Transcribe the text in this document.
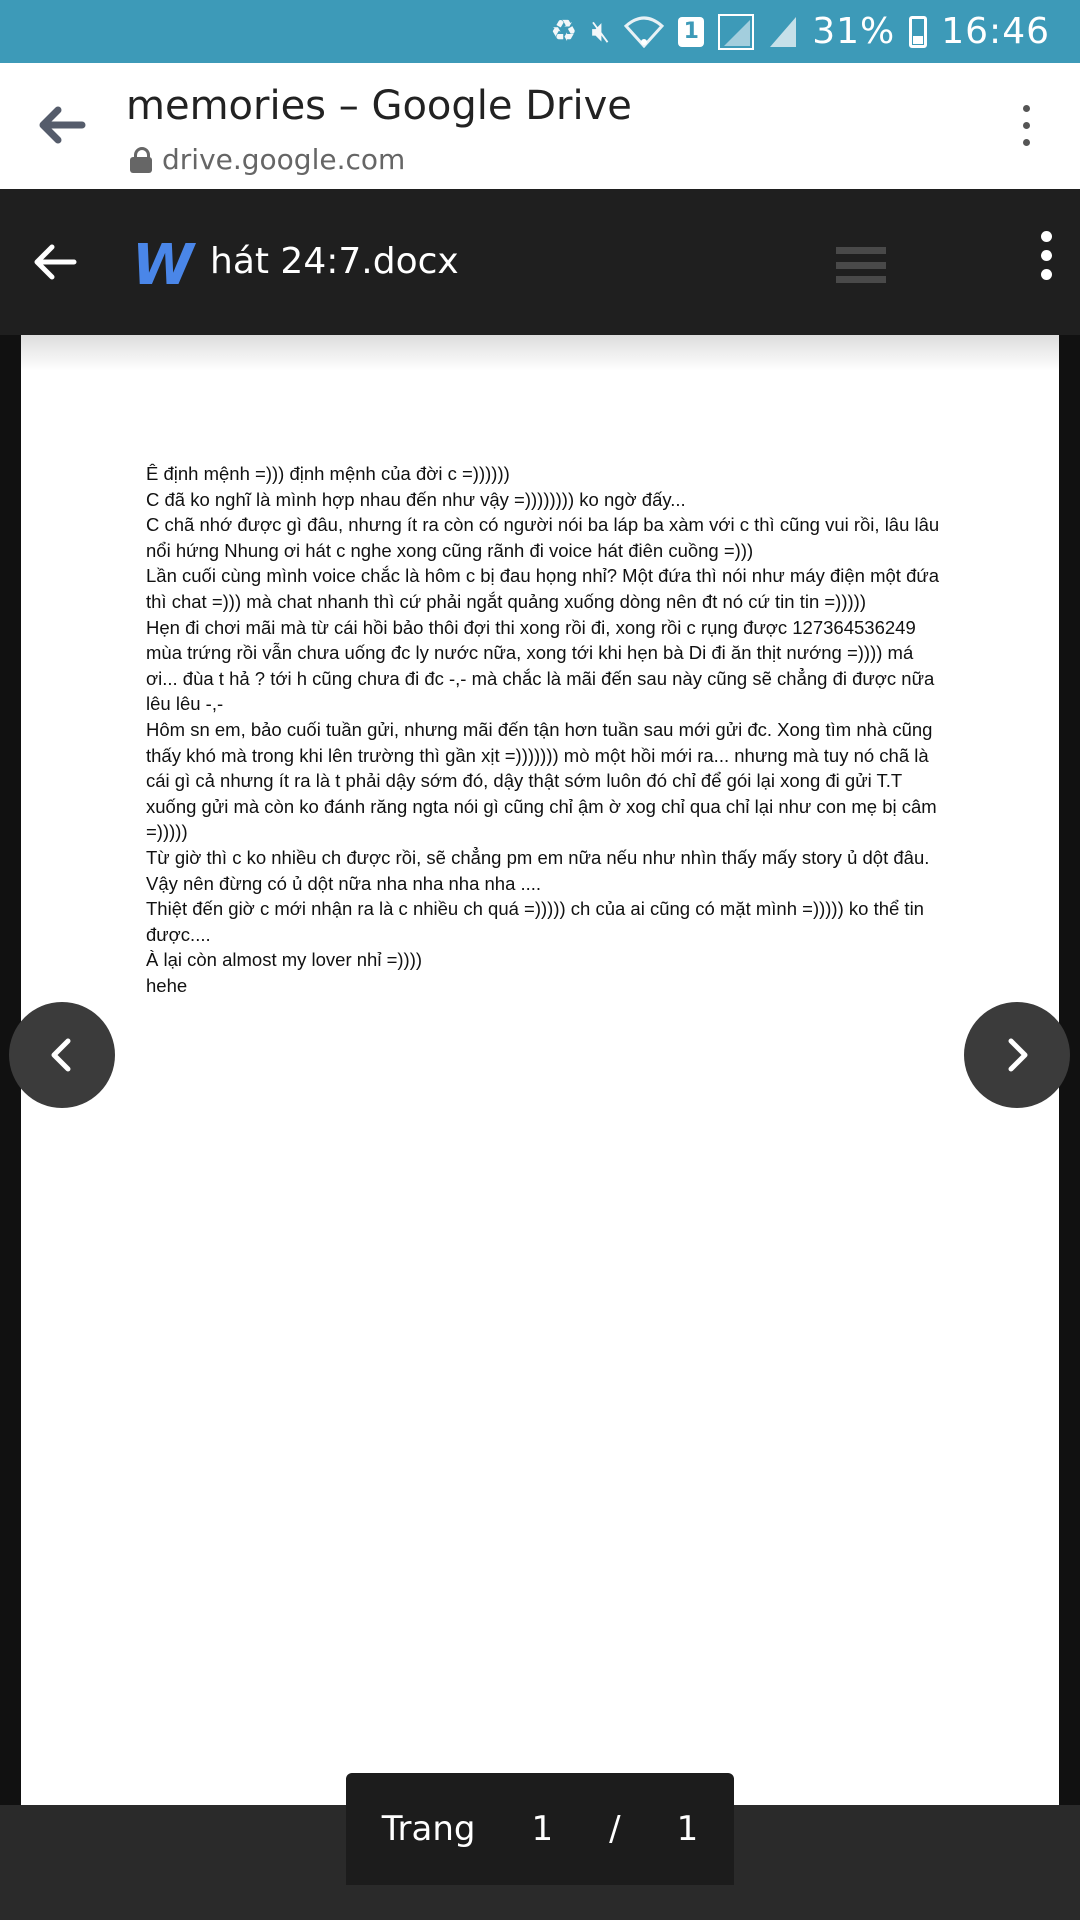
♻ 🔇︎	1	31% 16:46
memories – Google Drive
drive.google.com
W hát 24:7.docx

Ê định mệnh =))) định mệnh của đời c =))))))

C đã ko nghĩ là mình hợp nhau đến như vậy =)))))))) ko ngờ đấy...

C chã nhớ được gì đâu, nhưng ít ra còn có người nói ba láp ba xàm với c thì cũng vui rồi, lâu lâu nổi hứng Nhung ơi hát c nghe xong cũng rãnh đi voice hát điên cuồng =)))

Lần cuối cùng mình voice chắc là hôm c bị đau họng nhỉ? Một đứa thì nói như máy điện một đứa thì chat =))) mà chat nhanh thì cứ phải ngắt quảng xuống dòng nên đt nó cứ tin tin =)))))

Hẹn đi chơi mãi mà từ cái hồi bảo thôi đợi thi xong rồi đi, xong rồi c rụng được 127364536249 mùa trứng rồi vẫn chưa uống đc ly nước nữa, xong tới khi hẹn bà Di đi ăn thịt nướng =)))) má ơi... đùa t hả ? tới h cũng chưa đi đc -,- mà chắc là mãi đến sau này cũng sẽ chẳng đi được nữa lêu lêu -,-

Hôm sn em, bảo cuối tuần gửi, nhưng mãi đến tận hơn tuần sau mới gửi đc. Xong tìm nhà cũng thấy khó mà trong khi lên trường thì gần xịt =))))))) mò một hồi mới ra... nhưng mà tuy nó chã là cái gì cả nhưng ít ra là t phải dậy sớm đó, dậy thật sớm luôn đó chỉ để gói lại xong đi gửi T.T xuống gửi mà còn ko đánh răng ngta nói gì cũng chỉ ậm ờ xog chỉ qua chỉ lại như con mẹ bị câm =)))))

Từ giờ thì c ko nhiều ch được rồi, sẽ chẳng pm em nữa nếu như nhìn thấy mấy story ủ dột đâu. Vậy nên đừng có ủ dột nữa nha nha nha nha ....

Thiệt đến giờ c mới nhận ra là c nhiều ch quá =))))) ch của ai cũng có mặt mình =))))) ko thể tin được....

À lại còn almost my lover nhỉ =))))

hehe

Trang 1 / 1
